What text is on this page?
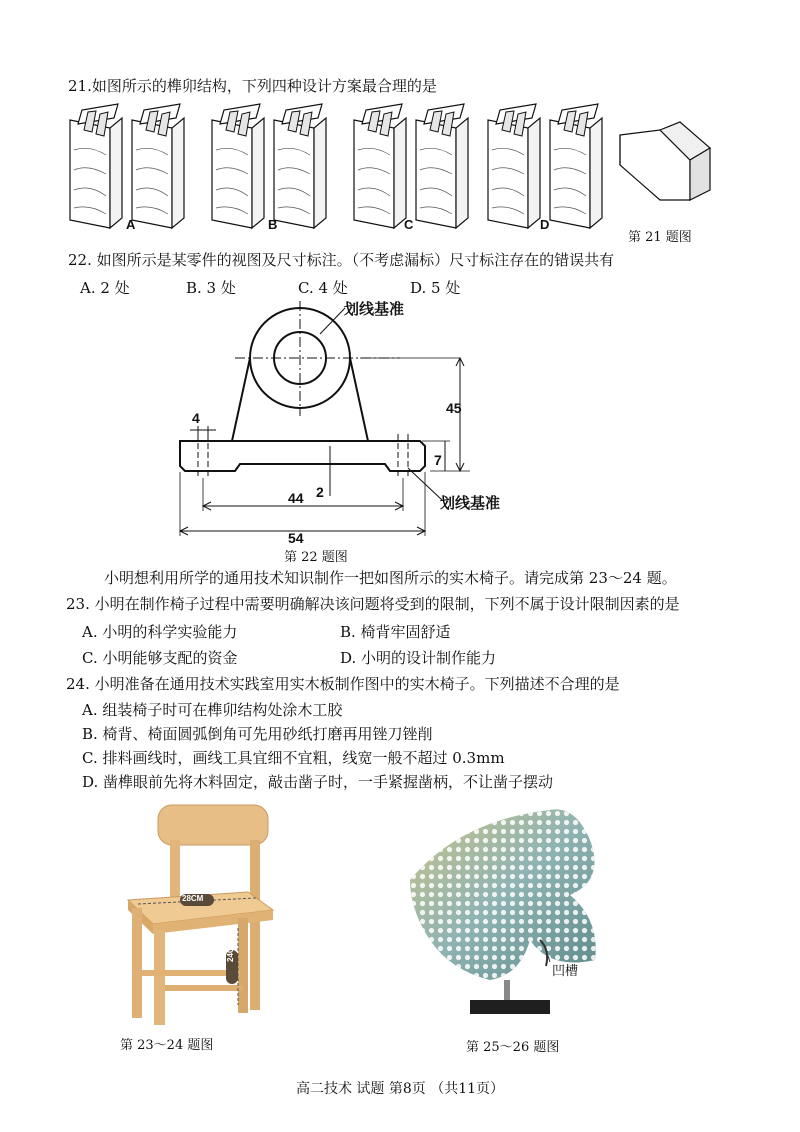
21.如图所示的榫卯结构，下列四种设计方案最合理的是
A	B	C	D
第 21 题图
22. 如图所示是某零件的视图及尺寸标注。（不考虑漏标）尺寸标注存在的错误共有
A. 2 处	B. 3 处	C. 4 处	D. 5 处
划线基准
划线基准
4
45
7
44 2
54
第 22 题图
小明想利用所学的通用技术知识制作一把如图所示的实木椅子。请完成第 23～24 题。
23. 小明在制作椅子过程中需要明确解决该问题将受到的限制，下列不属于设计限制因素的是
A. 小明的科学实验能力	B. 椅背牢固舒适
C. 小明能够支配的资金	D. 小明的设计制作能力
24. 小明准备在通用技术实践室用实木板制作图中的实木椅子。下列描述不合理的是
A. 组装椅子时可在榫卯结构处涂木工胶
B. 椅背、椅面圆弧倒角可先用砂纸打磨再用锉刀锉削
C. 排料画线时，画线工具宜细不宜粗，线宽一般不超过 0.3mm
D. 凿榫眼前先将木料固定，敲击凿子时，一手紧握凿柄，不让凿子摆动
28CM
24CM
第 23～24 题图
凹槽
第 25～26 题图
高二技术 试题 第8页 （共11页）
